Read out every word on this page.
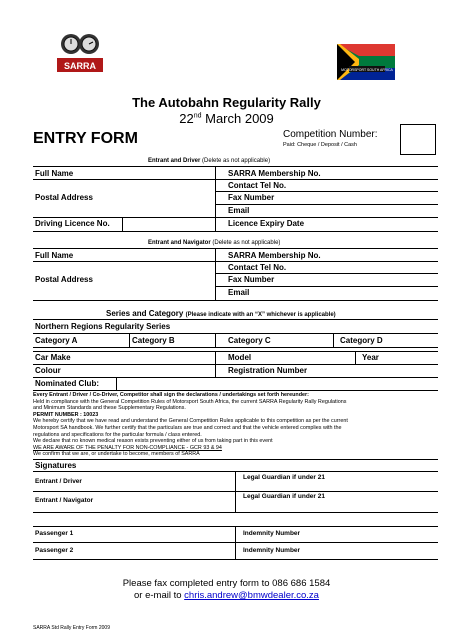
SARRA	MOTORSPORT SOUTH AFRICA
The Autobahn Regularity Rally
22nd March 2009
ENTRY FORM	Competition Number:
Paid: Cheque / Deposit / Cash
Entrant and Driver (Delete as not applicable)
Full Name	SARRA Membership No.
Contact Tel No.
Postal Address	Fax Number
Email
Driving Licence No.	Licence Expiry Date
Entrant and Navigator (Delete as not applicable)
Full Name	SARRA Membership No.
Contact Tel No.
Postal Address	Fax Number
Email
Series and Category (Please indicate with an “X” whichever is applicable)
Northern Regions Regularity Series
Category A	Category B	Category C	Category D
Car Make	Model	Year
Colour	Registration Number
Nominated Club:
Every Entrant / Driver / Co-Driver, Competitor shall sign the declarations / undertakings set forth hereunder:
Held in compliance with the General Competition Rules of Motorsport South Africa, the current SARRA Regularity Rally Regulations
and Minimum Standards and these Supplementary Regulations.
PERMIT NUMBER : 10023
We hereby certify that we have read and understand the General Competition Rules applicable to this competition as per the current
Motorsport SA handbook. We further certify that the particulars are true and correct and that the vehicle entered complies with the
regulations and specifications for the particular formula / class entered.
We declare that no known medical reason exists preventing either of us from taking part in this event
WE ARE AWARE OF THE PENALTY FOR NON-COMPLIANCE - GCR 93 & 94
We confirm that we are, or undertake to become, members of SARRA
Signatures
Entrant / Driver
Legal Guardian if under 21
Entrant / Navigator
Legal Guardian if under 21
Passenger 1	Indemnity Number
Passenger 2	Indemnity Number
Please fax completed entry form to 086 686 1584
or e-mail to chris.andrew@bmwdealer.co.za
SARRA Std Rally Entry Form 2009
